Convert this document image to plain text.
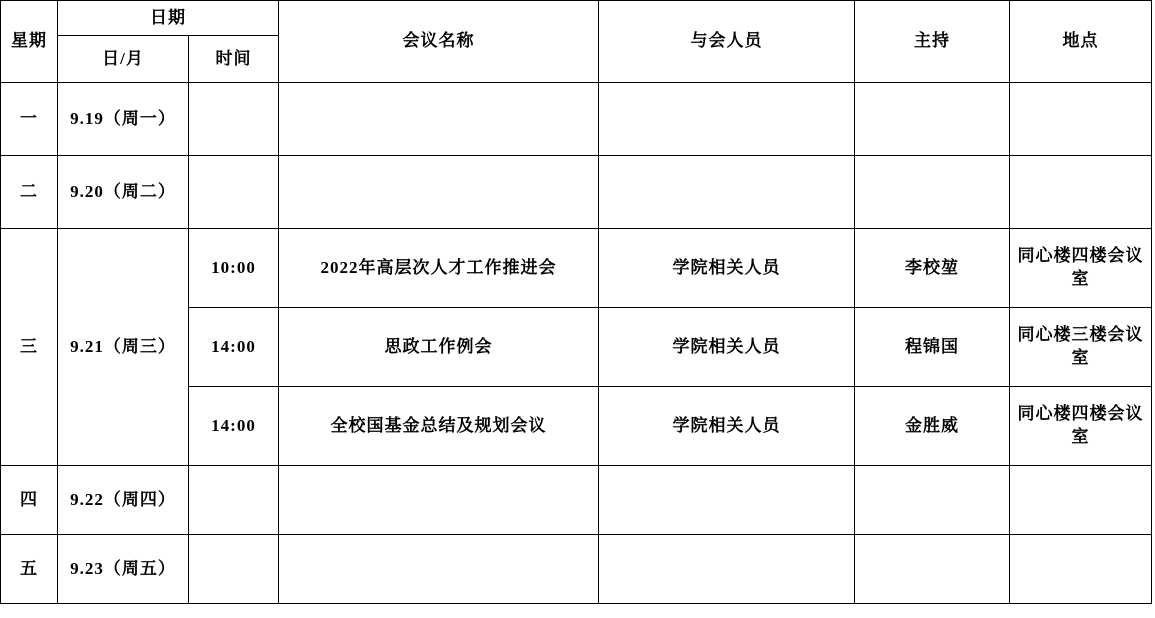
星期	日期		会议名称	与会人员	主持	地点
	日/月	时间				
一	9.19（周一）					
二	9.20（周二）					
三	9.21（周三）	10:00	2022年高层次人才工作推进会	学院相关人员	李校堃	同心楼四楼会议室
		14:00	思政工作例会	学院相关人员	程锦国	同心楼三楼会议室
		14:00	全校国基金总结及规划会议	学院相关人员	金胜威	同心楼四楼会议室
四	9.22（周四）					
五	9.23（周五）					
